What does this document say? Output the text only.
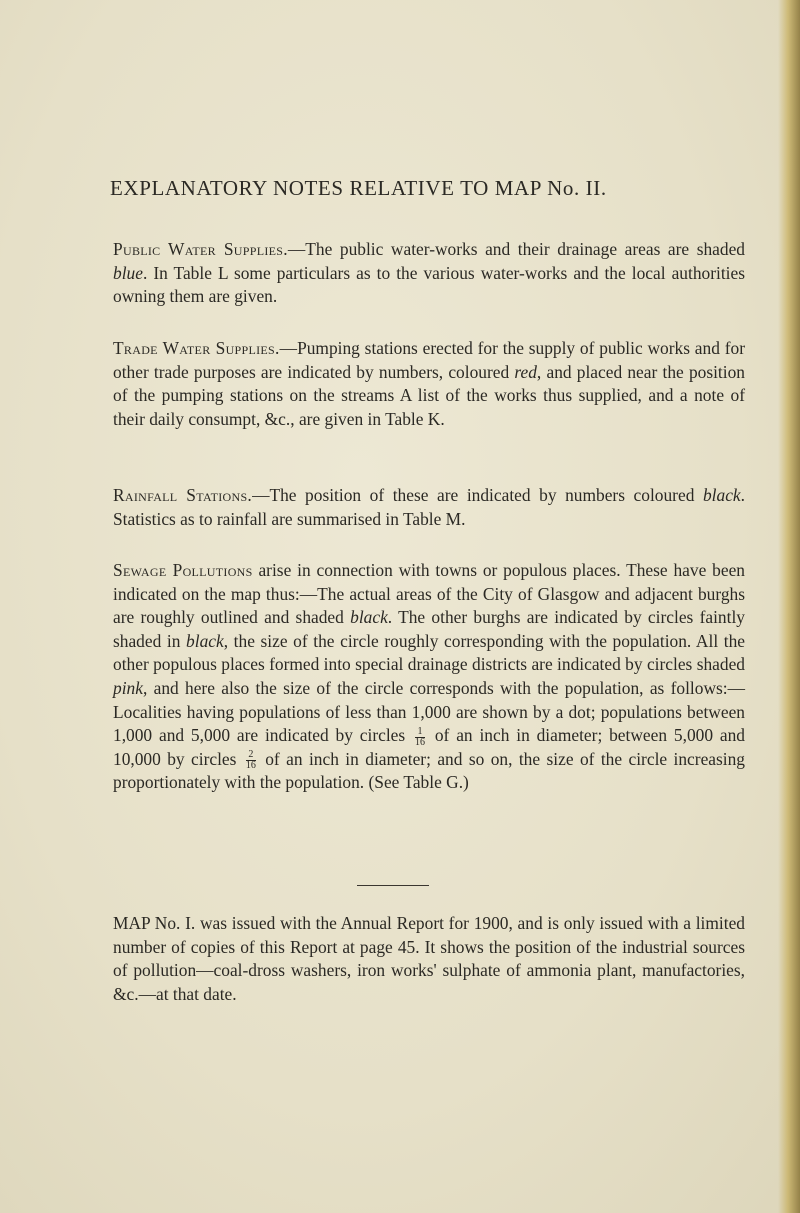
EXPLANATORY NOTES RELATIVE TO MAP No. II.
Public Water Supplies.—The public water-works and their drainage areas are shaded blue. In Table L some particulars as to the various water-works and the local authorities owning them are given.
Trade Water Supplies.—Pumping stations erected for the supply of public works and for other trade purposes are indicated by numbers, coloured red, and placed near the position of the pumping stations on the streams A list of the works thus supplied, and a note of their daily consumpt, &c., are given in Table K.
Rainfall Stations.—The position of these are indicated by numbers coloured black. Statistics as to rainfall are summarised in Table M.
Sewage Pollutions arise in connection with towns or populous places. These have been indicated on the map thus:—The actual areas of the City of Glasgow and adjacent burghs are roughly outlined and shaded black. The other burghs are indicated by circles faintly shaded in black, the size of the circle roughly corresponding with the population. All the other populous places formed into special drainage districts are indicated by circles shaded pink, and here also the size of the circle corresponds with the population, as follows:—Localities having populations of less than 1,000 are shown by a dot; populations between 1,000 and 5,000 are indicated by circles $\frac{1}{16}$ of an inch in diameter; between 5,000 and 10,000 by circles $\frac{2}{16}$ of an inch in diameter; and so on, the size of the circle increasing proportionately with the population. (See Table G.)
MAP No. I. was issued with the Annual Report for 1900, and is only issued with a limited number of copies of this Report at page 45. It shows the position of the industrial sources of pollution—coal-dross washers, iron works' sulphate of ammonia plant, manufactories, &c.—at that date.
